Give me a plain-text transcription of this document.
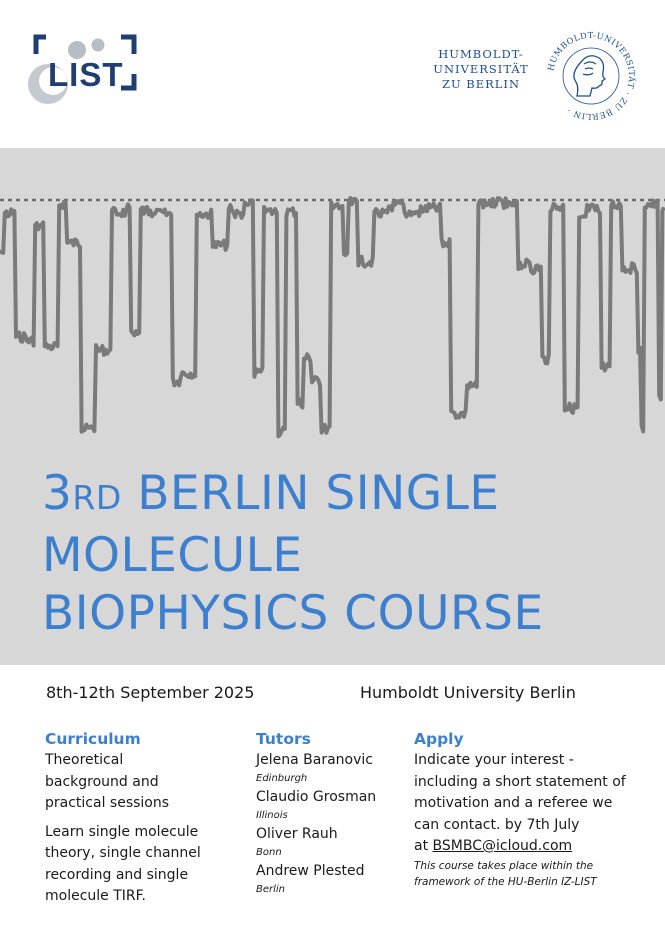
LIST
HUMBOLDT-
UNIVERSITÄT
ZU BERLIN
HUMBOLDT-UNIVERSITÄT · ZU BERLIN ·
3RD BERLIN SINGLE
MOLECULE
BIOPHYSICS COURSE
8th-12th September 2025	Humboldt University Berlin
Curriculum

Theoretical

background and

practical sessions

Learn single molecule

theory, single channel

recording and single

molecule TIRF.

Tutors

Jelena Baranovic

Edinburgh

Claudio Grosman

Illinois

Oliver Rauh

Bonn

Andrew Plested

Berlin

Apply

Indicate your interest -

including a short statement of

motivation and a referee we

can contact. by 7th July

at BSMBC@icloud.com

This course takes place within the

framework of the HU-Berlin IZ-LIST
